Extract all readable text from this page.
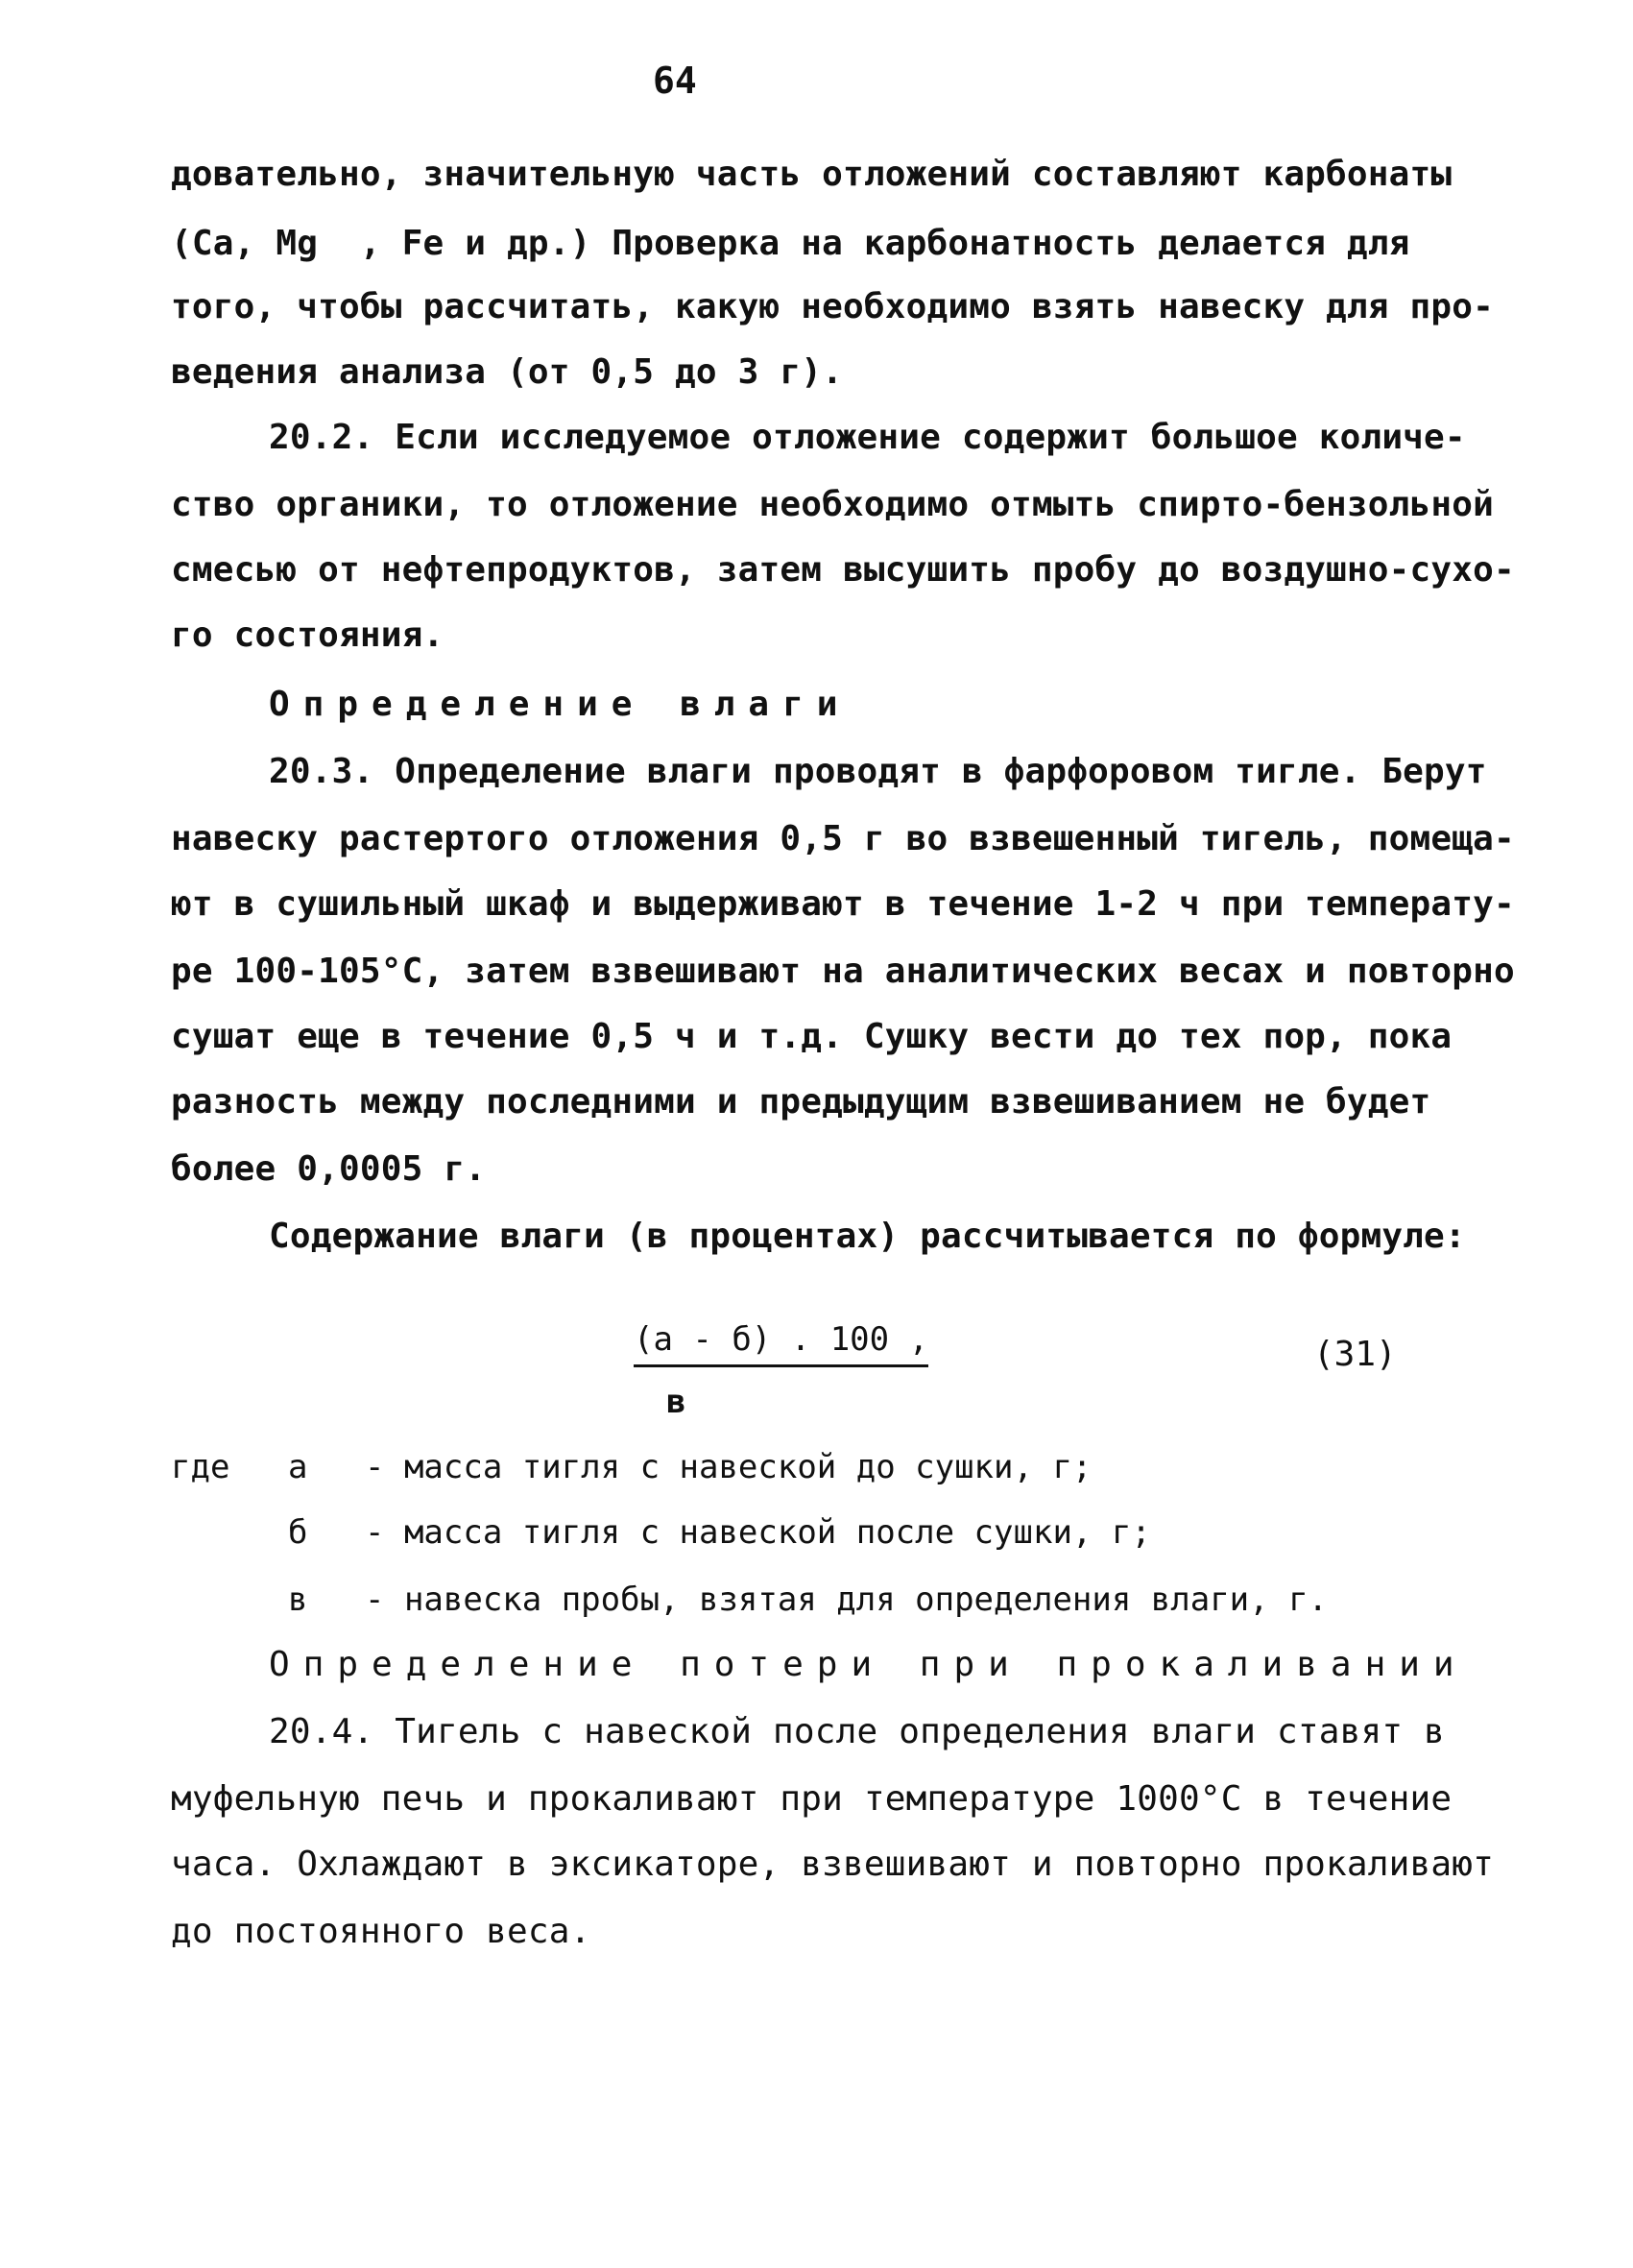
64
довательно, значительную часть отложений составляют карбонаты
(Ca, Mg  , Fe и др.) Проверка на карбонатность делается для
того, чтобы рассчитать, какую необходимо взять навеску для про-
ведения анализа (от 0,5 до 3 г).
20.2. Если исследуемое отложение содержит большое количе-
ство органики, то отложение необходимо отмыть спирто-бензольной
смесью от нефтепродуктов, затем высушить пробу до воздушно-сухо-
го состояния.
Определение влаги
20.3. Определение влаги проводят в фарфоровом тигле. Берут
навеску растертого отложения 0,5 г во взвешенный тигель, помеща-
ют в сушильный шкаф и выдерживают в течение 1-2 ч при температу-
ре 100-105°С, затем взвешивают на аналитических весах и повторно
сушат еще в течение 0,5 ч и т.д. Сушку вести до тех пор, пока
разность между последними и предыдущим взвешиванием не будет
более 0,0005 г.
Содержание влаги (в процентах) рассчитывается по формуле:
(а - б) . 100 ,
в
(31)
где а - масса тигля с навеской до сушки, г;
б - масса тигля с навеской после сушки, г;
в - навеска пробы, взятая для определения влаги, г.
Определение потери при прокаливании
20.4. Тигель с навеской после определения влаги ставят в
муфельную печь и прокаливают при температуре 1000°С в течение
часа. Охлаждают в эксикаторе, взвешивают и повторно прокаливают
до постоянного веса.
